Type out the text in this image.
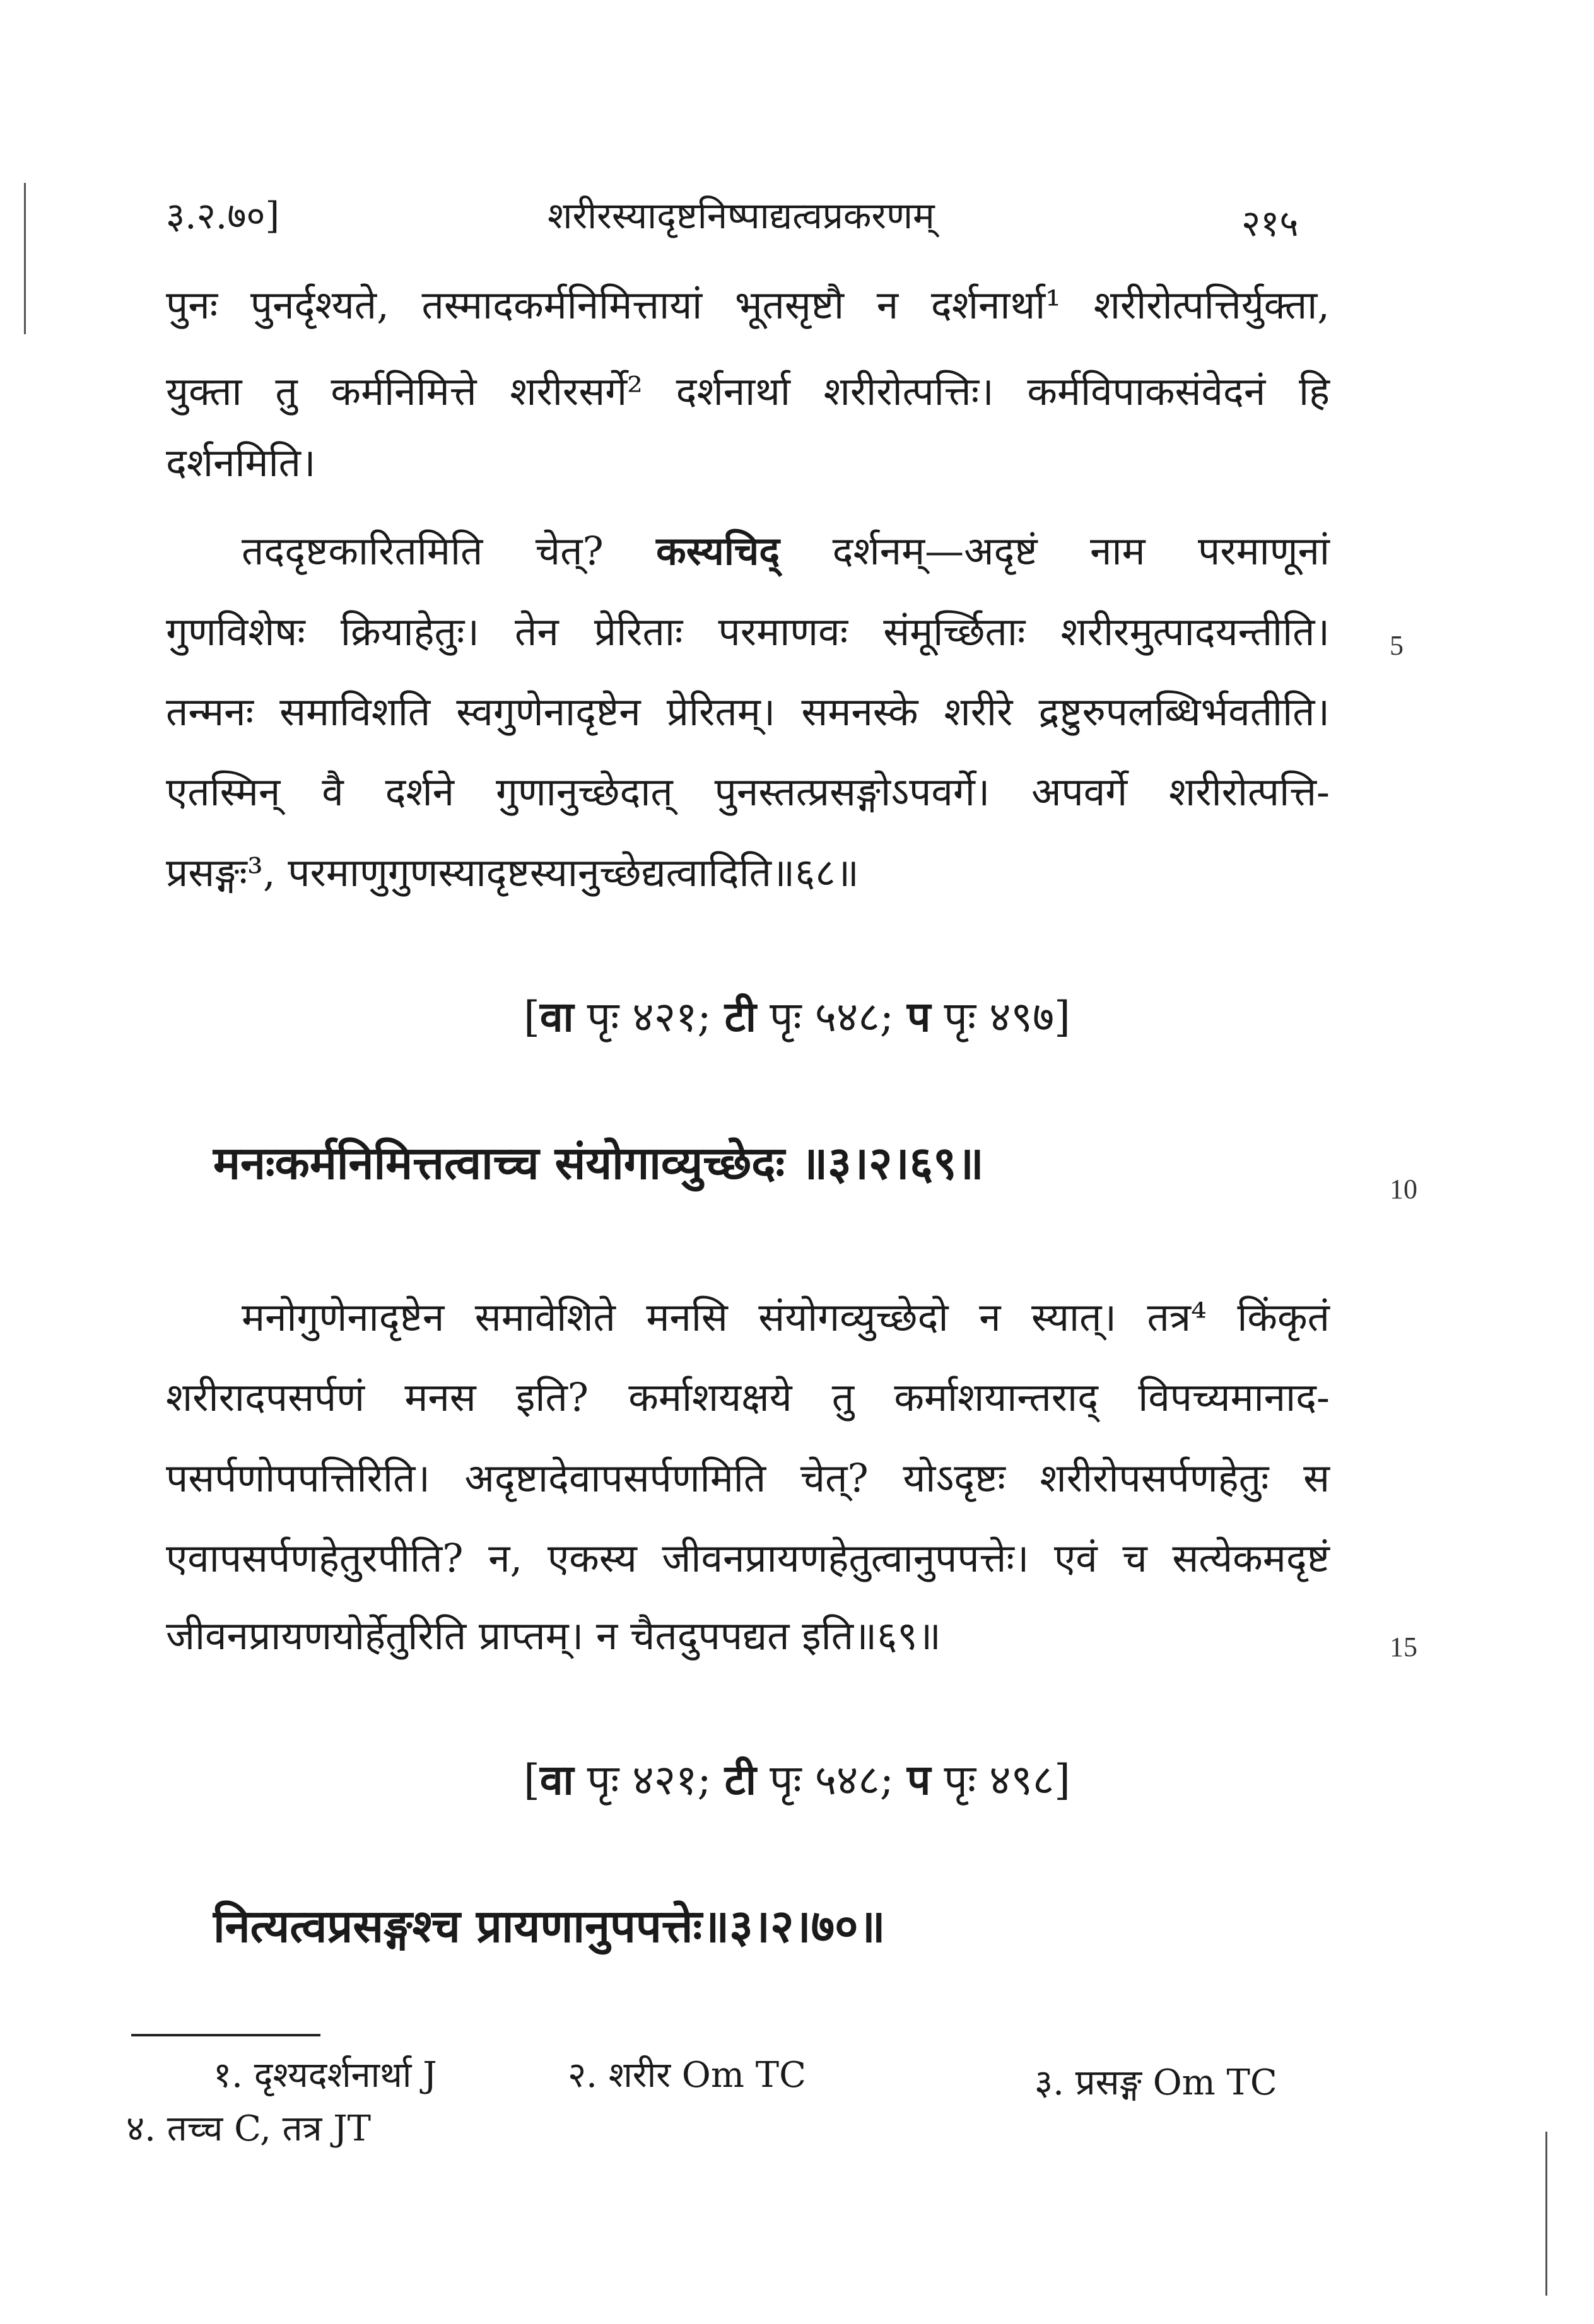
३.२.७०]	शरीरस्यादृष्टनिष्पाद्यत्वप्रकरणम्	२१५
पुनः पुनर्दृश्यते, तस्मादकर्मनिमित्तायां भूतसृष्टौ न दर्शनार्था¹ शरीरोत्पत्तिर्युक्ता,
युक्ता तु कर्मनिमित्ते शरीरसर्गे² दर्शनार्था शरीरोत्पत्तिः। कर्मविपाकसंवेदनं हि
दर्शनमिति।
तददृष्टकारितमिति चेत्? कस्यचिद् दर्शनम्—अदृष्टं नाम परमाणूनां
गुणविशेषः क्रियाहेतुः। तेन प्रेरिताः परमाणवः संमूर्च्छिताः शरीरमुत्पादयन्तीति।
तन्मनः समाविशति स्वगुणेनादृष्टेन प्रेरितम्। समनस्के शरीरे द्रष्टुरुपलब्धिर्भवतीति।
एतस्मिन् वै दर्शने गुणानुच्छेदात् पुनस्तत्प्रसङ्गोऽपवर्गे। अपवर्गे शरीरोत्पत्ति-
प्रसङ्गः³, परमाणुगुणस्यादृष्टस्यानुच्छेद्यत्वादिति॥६८॥
5
[वा पृः ४२१; टी पृः ५४८; प पृः ४९७]
मनःकर्मनिमित्तत्वाच्च संयोगाव्युच्छेदः ॥३।२।६९॥	10
मनोगुणेनादृष्टेन समावेशिते मनसि संयोगव्युच्छेदो न स्यात्। तत्र⁴ किंकृतं
शरीरादपसर्पणं मनस इति? कर्माशयक्षये तु कर्माशयान्तराद् विपच्यमानाद-
पसर्पणोपपत्तिरिति। अदृष्टादेवापसर्पणमिति चेत्? योऽदृष्टः शरीरोपसर्पणहेतुः स
एवापसर्पणहेतुरपीति? न, एकस्य जीवनप्रायणहेतुत्वानुपपत्तेः। एवं च सत्येकमदृष्टं
जीवनप्रायणयोर्हेतुरिति प्राप्तम्। न चैतदुपपद्यत इति॥६९॥	15
[वा पृः ४२१; टी पृः ५४८; प पृः ४९८]
नित्यत्वप्रसङ्गश्च प्रायणानुपपत्तेः॥३।२।७०॥
१. दृश्यदर्शनार्था J	२. शरीर Om TC	३. प्रसङ्ग Om TC
४. तच्च C, तत्र JT
